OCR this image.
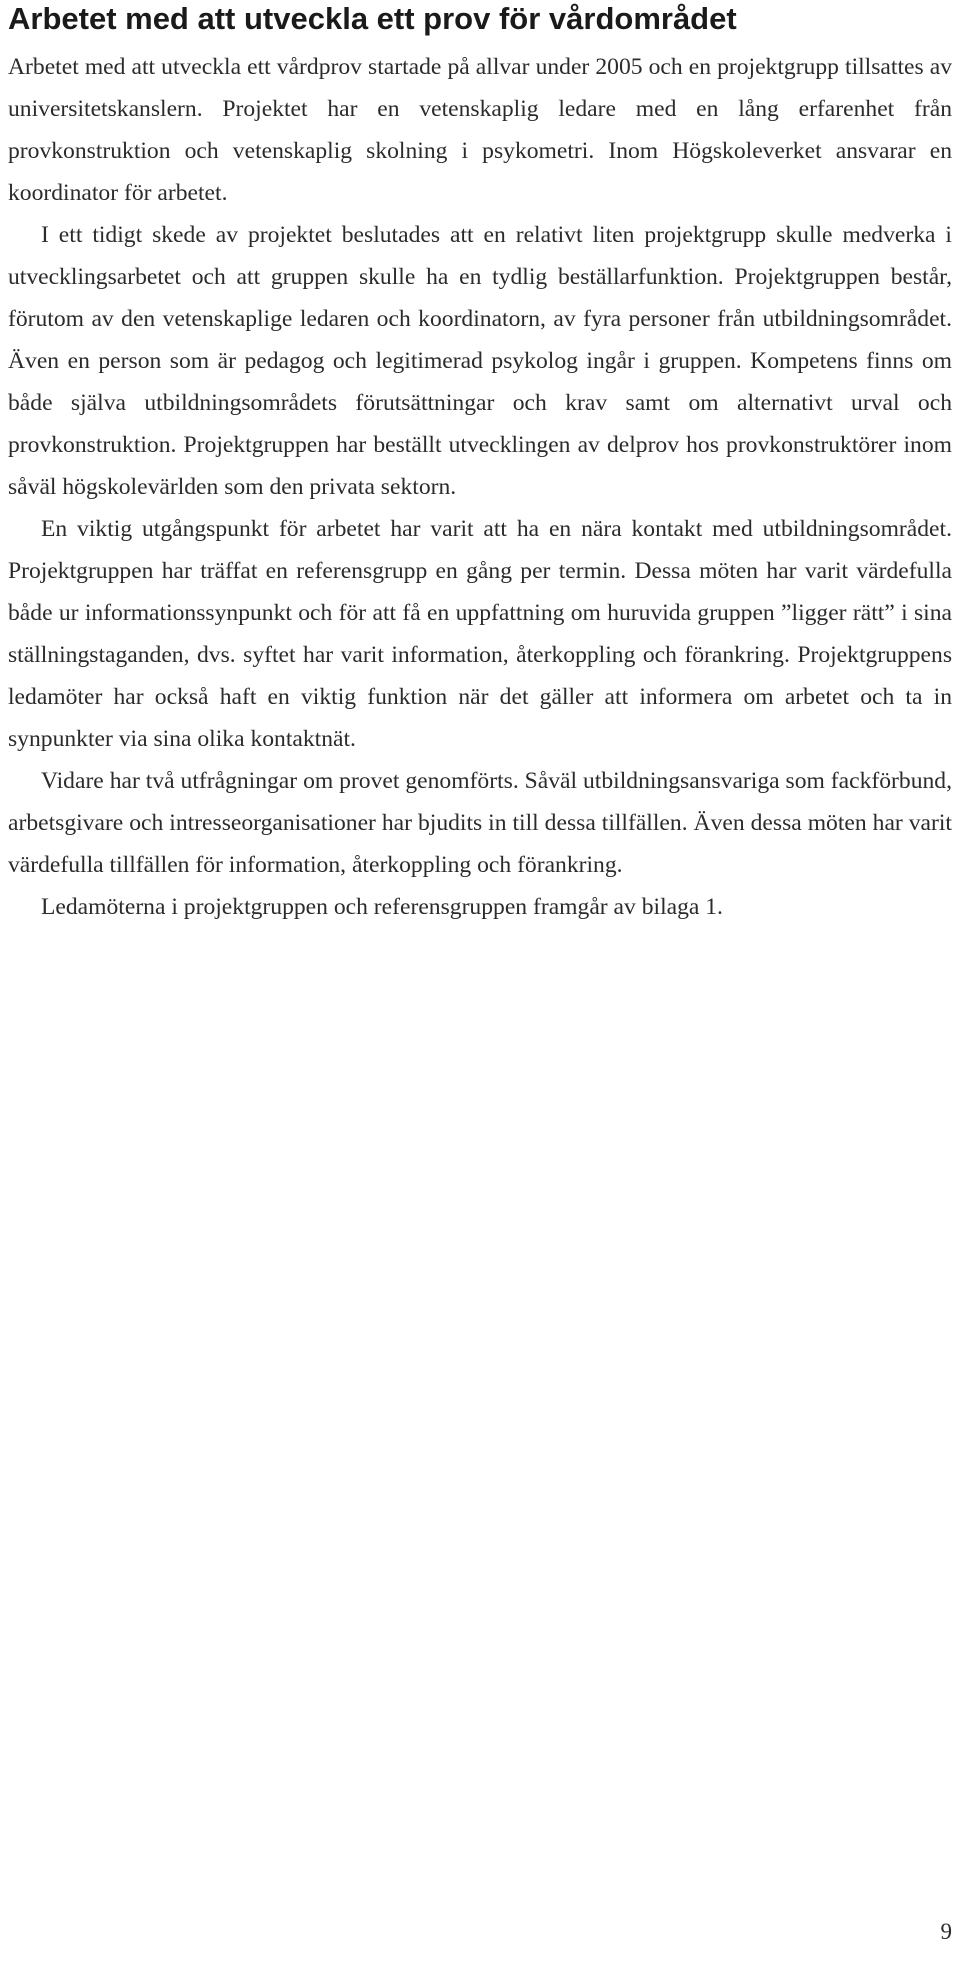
Arbetet med att utveckla ett prov för vårdområdet

Arbetet med att utveckla ett vårdprov startade på allvar under 2005 och en projektgrupp tillsattes av universitetskanslern. Projektet har en vetenskaplig ledare med en lång erfarenhet från provkonstruktion och vetenskaplig skolning i psykometri. Inom Högskoleverket ansvarar en koordinator för arbetet.

I ett tidigt skede av projektet beslutades att en relativt liten projektgrupp skulle medverka i utvecklingsarbetet och att gruppen skulle ha en tydlig beställarfunktion. Projektgruppen består, förutom av den vetenskaplige ledaren och koordinatorn, av fyra personer från utbildningsområdet. Även en person som är pedagog och legitimerad psykolog ingår i gruppen. Kompetens finns om både själva utbildningsområdets förutsättningar och krav samt om alternativt urval och provkonstruktion. Projektgruppen har beställt utvecklingen av delprov hos provkonstruktörer inom såväl högskolevärlden som den privata sektorn.

En viktig utgångspunkt för arbetet har varit att ha en nära kontakt med utbildningsområdet. Projektgruppen har träffat en referensgrupp en gång per termin. Dessa möten har varit värdefulla både ur informationssynpunkt och för att få en uppfattning om huruvida gruppen ”ligger rätt” i sina ställningstaganden, dvs. syftet har varit information, återkoppling och förankring. Projektgruppens ledamöter har också haft en viktig funktion när det gäller att informera om arbetet och ta in synpunkter via sina olika kontaktnät.

Vidare har två utfrågningar om provet genomförts. Såväl utbildningsansvariga som fackförbund, arbetsgivare och intresseorganisationer har bjudits in till dessa tillfällen. Även dessa möten har varit värdefulla tillfällen för information, återkoppling och förankring.

Ledamöterna i projektgruppen och referensgruppen framgår av bilaga 1.

9
